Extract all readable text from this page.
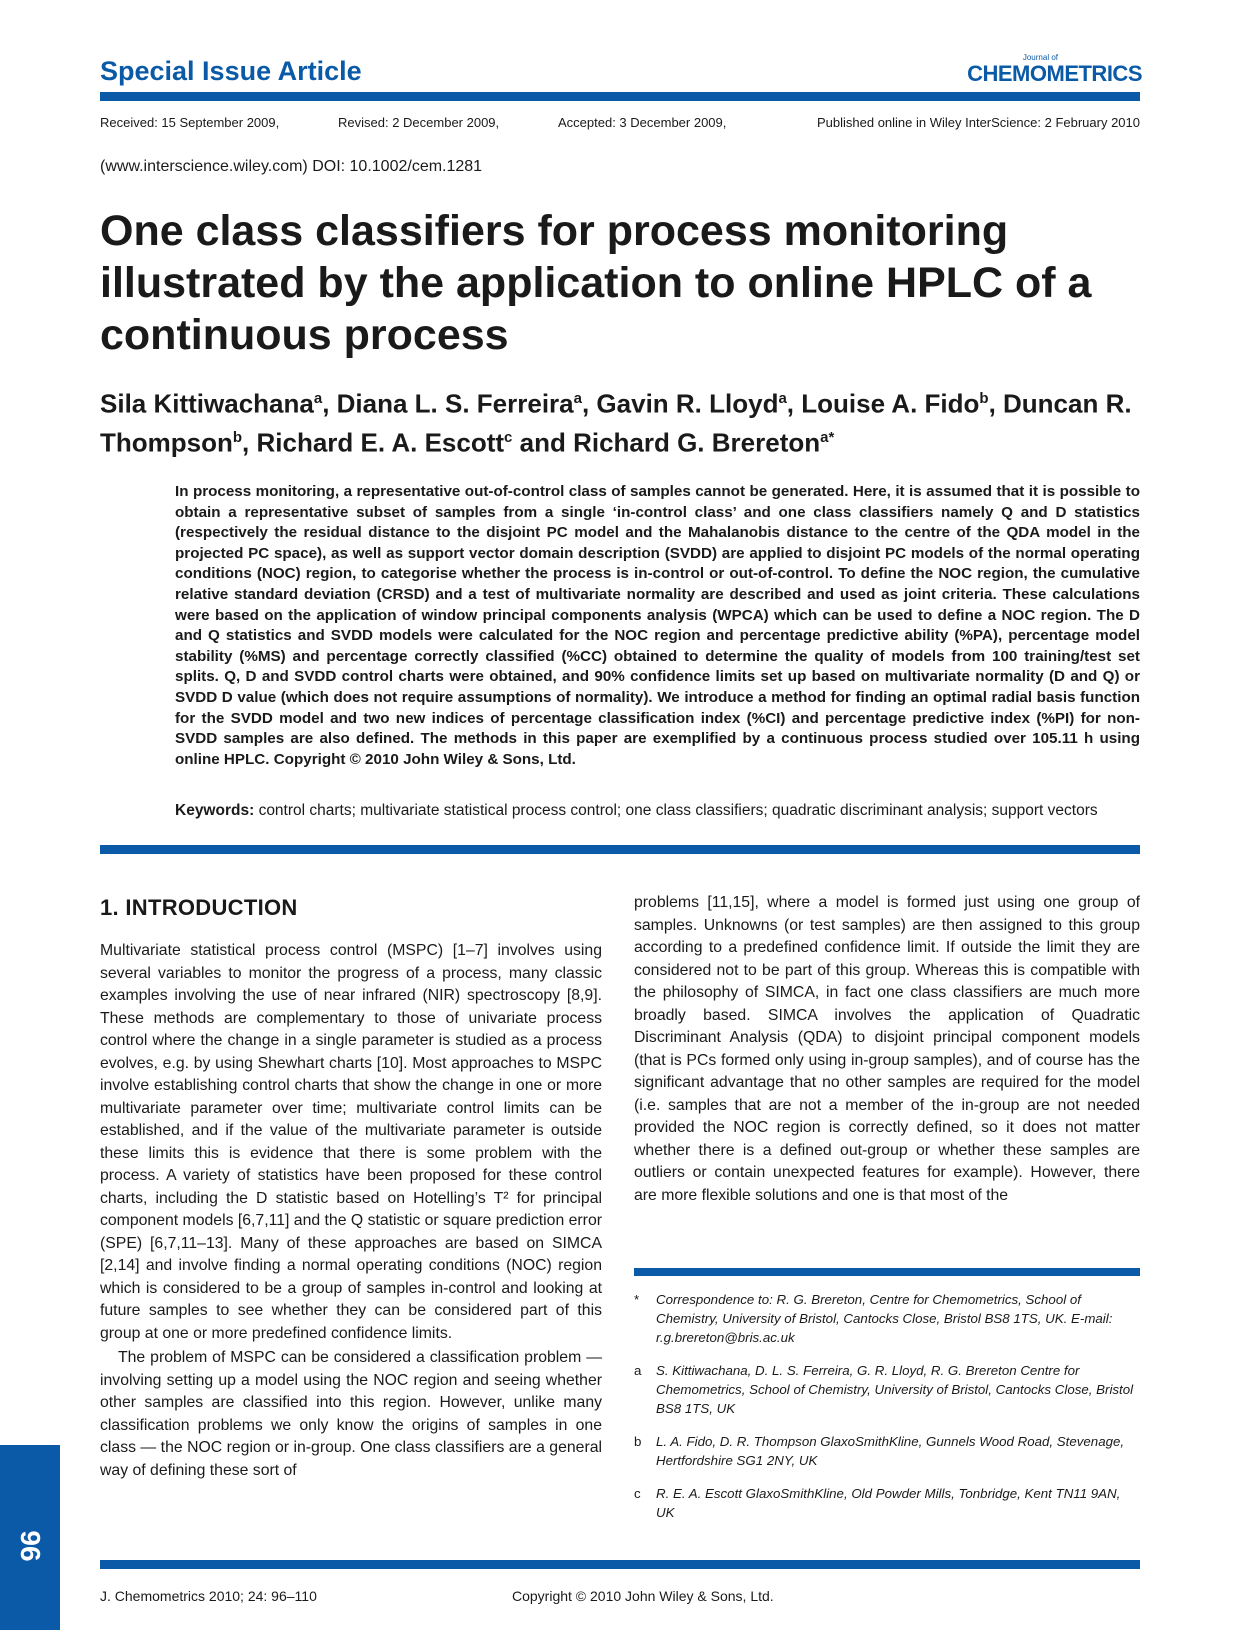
Special Issue Article	Journal of
CHEMOMETRICS
Received: 15 September 2009,	Revised: 2 December 2009,	Accepted: 3 December 2009,	Published online in Wiley InterScience: 2 February 2010
(www.interscience.wiley.com) DOI: 10.1002/cem.1281
One class classifiers for process monitoring illustrated by the application to online HPLC of a continuous process
Sila Kittiwachana$^a$, Diana L. S. Ferreira$^a$, Gavin R. Lloyd$^a$, Louise A. Fido$^b$, Duncan R. Thompson$^b$, Richard E. A. Escott$^c$ and Richard G. Brereton$^{a*}$

In process monitoring, a representative out-of-control class of samples cannot be generated. Here, it is assumed that it is possible to obtain a representative subset of samples from a single ‘in-control class’ and one class classifiers namely Q and D statistics (respectively the residual distance to the disjoint PC model and the Mahalanobis distance to the centre of the QDA model in the projected PC space), as well as support vector domain description (SVDD) are applied to disjoint PC models of the normal operating conditions (NOC) region, to categorise whether the process is in-control or out-of-control. To define the NOC region, the cumulative relative standard deviation (CRSD) and a test of multivariate normality are described and used as joint criteria. These calculations were based on the application of window principal components analysis (WPCA) which can be used to define a NOC region. The D and Q statistics and SVDD models were calculated for the NOC region and percentage predictive ability (%PA), percentage model stability (%MS) and percentage correctly classified (%CC) obtained to determine the quality of models from 100 training/test set splits. Q, D and SVDD control charts were obtained, and 90% confidence limits set up based on multivariate normality (D and Q) or SVDD D value (which does not require assumptions of normality). We introduce a method for finding an optimal radial basis function for the SVDD model and two new indices of percentage classification index (%CI) and percentage predictive index (%PI) for non-SVDD samples are also defined. The methods in this paper are exemplified by a continuous process studied over 105.11 h using online HPLC. Copyright © 2010 John Wiley & Sons, Ltd.

Keywords: control charts; multivariate statistical process control; one class classifiers; quadratic discriminant analysis; support vectors

1. INTRODUCTION

Multivariate statistical process control (MSPC) [1–7] involves using several variables to monitor the progress of a process, many classic examples involving the use of near infrared (NIR) spectroscopy [8,9]. These methods are complementary to those of univariate process control where the change in a single parameter is studied as a process evolves, e.g. by using Shewhart charts [10]. Most approaches to MSPC involve establishing control charts that show the change in one or more multivariate parameter over time; multivariate control limits can be established, and if the value of the multivariate parameter is outside these limits this is evidence that there is some problem with the process. A variety of statistics have been proposed for these control charts, including the D statistic based on Hotelling’s T² for principal component models [6,7,11] and the Q statistic or square prediction error (SPE) [6,7,11–13]. Many of these approaches are based on SIMCA [2,14] and involve finding a normal operating conditions (NOC) region which is considered to be a group of samples in-control and looking at future samples to see whether they can be considered part of this group at one or more predefined confidence limits.

The problem of MSPC can be considered a classification problem — involving setting up a model using the NOC region and seeing whether other samples are classified into this region. However, unlike many classification problems we only know the origins of samples in one class — the NOC region or in-group. One class classifiers are a general way of defining these sort of

problems [11,15], where a model is formed just using one group of samples. Unknowns (or test samples) are then assigned to this group according to a predefined confidence limit. If outside the limit they are considered not to be part of this group. Whereas this is compatible with the philosophy of SIMCA, in fact one class classifiers are much more broadly based. SIMCA involves the application of Quadratic Discriminant Analysis (QDA) to disjoint principal component models (that is PCs formed only using in-group samples), and of course has the significant advantage that no other samples are required for the model (i.e. samples that are not a member of the in-group are not needed provided the NOC region is correctly defined, so it does not matter whether there is a defined out-group or whether these samples are outliers or contain unexpected features for example). However, there are more flexible solutions and one is that most of the

* Correspondence to: R. G. Brereton, Centre for Chemometrics, School of Chemistry, University of Bristol, Cantocks Close, Bristol BS8 1TS, UK. E-mail: r.g.brereton@bris.ac.uk
a S. Kittiwachana, D. L. S. Ferreira, G. R. Lloyd, R. G. Brereton Centre for Chemometrics, School of Chemistry, University of Bristol, Cantocks Close, Bristol BS8 1TS, UK
b L. A. Fido, D. R. Thompson GlaxoSmithKline, Gunnels Wood Road, Stevenage, Hertfordshire SG1 2NY, UK
c R. E. A. Escott GlaxoSmithKline, Old Powder Mills, Tonbridge, Kent TN11 9AN, UK
96
J. Chemometrics 2010; 24: 96–110	Copyright © 2010 John Wiley & Sons, Ltd.
